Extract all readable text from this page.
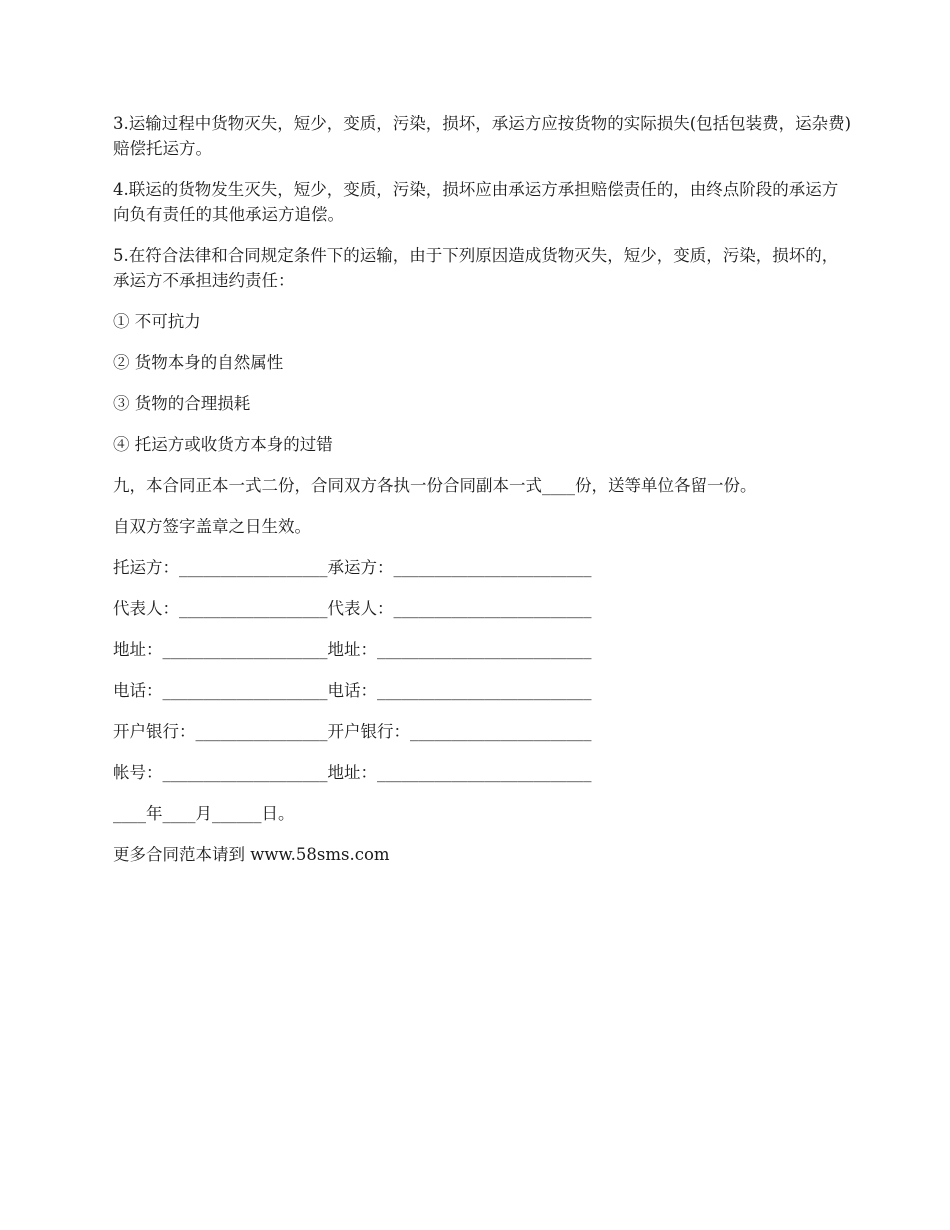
3.运输过程中货物灭失，短少，变质，污染，损坏，承运方应按货物的实际损失(包括包装费，运杂费)赔偿托运方。

4.联运的货物发生灭失，短少，变质，污染，损坏应由承运方承担赔偿责任的，由终点阶段的承运方向负有责任的其他承运方追偿。

5.在符合法律和合同规定条件下的运输，由于下列原因造成货物灭失，短少，变质，污染，损坏的，承运方不承担违约责任：

① 不可抗力

② 货物本身的自然属性

③ 货物的合理损耗

④ 托运方或收货方本身的过错

九，本合同正本一式二份，合同双方各执一份合同副本一式____份，送等单位各留一份。

自双方签字盖章之日生效。

托运方：__________________承运方：________________________
代表人：__________________代表人：________________________
地址：____________________地址：__________________________
电话：____________________电话：__________________________
开户银行：________________开户银行：______________________
帐号：____________________地址：__________________________
____年____月______日。

更多合同范本请到 www.58sms.com
